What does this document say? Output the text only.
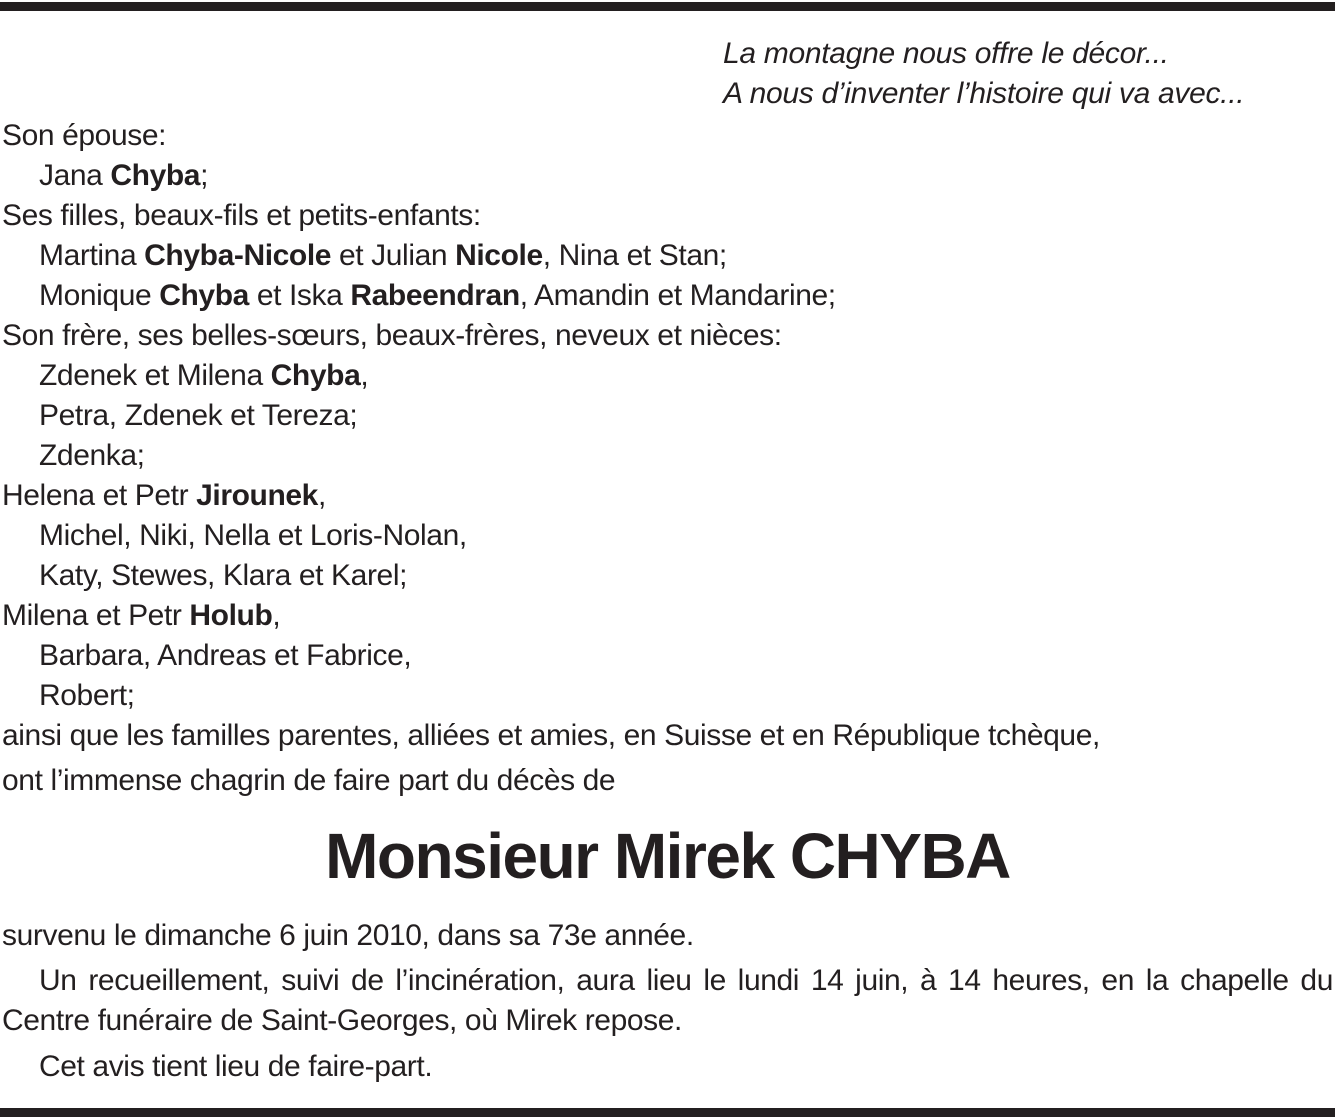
La montagne nous offre le décor...
A nous d’inventer l’histoire qui va avec...
Son épouse:
Jana Chyba;
Ses filles, beaux-fils et petits-enfants:
Martina Chyba-Nicole et Julian Nicole, Nina et Stan;
Monique Chyba et Iska Rabeendran, Amandin et Mandarine;
Son frère, ses belles-sœurs, beaux-frères, neveux et nièces:
Zdenek et Milena Chyba,
Petra, Zdenek et Tereza;
Zdenka;
Helena et Petr Jirounek,
Michel, Niki, Nella et Loris-Nolan,
Katy, Stewes, Klara et Karel;
Milena et Petr Holub,
Barbara, Andreas et Fabrice,
Robert;
ainsi que les familles parentes, alliées et amies, en Suisse et en République tchèque,
ont l’immense chagrin de faire part du décès de
Monsieur Mirek CHYBA
survenu le dimanche 6 juin 2010, dans sa 73e année.
Un recueillement, suivi de l’incinération, aura lieu le lundi 14 juin, à 14 heures, en la chapelle du Centre funéraire de Saint-Georges, où Mirek repose.
Cet avis tient lieu de faire-part.
